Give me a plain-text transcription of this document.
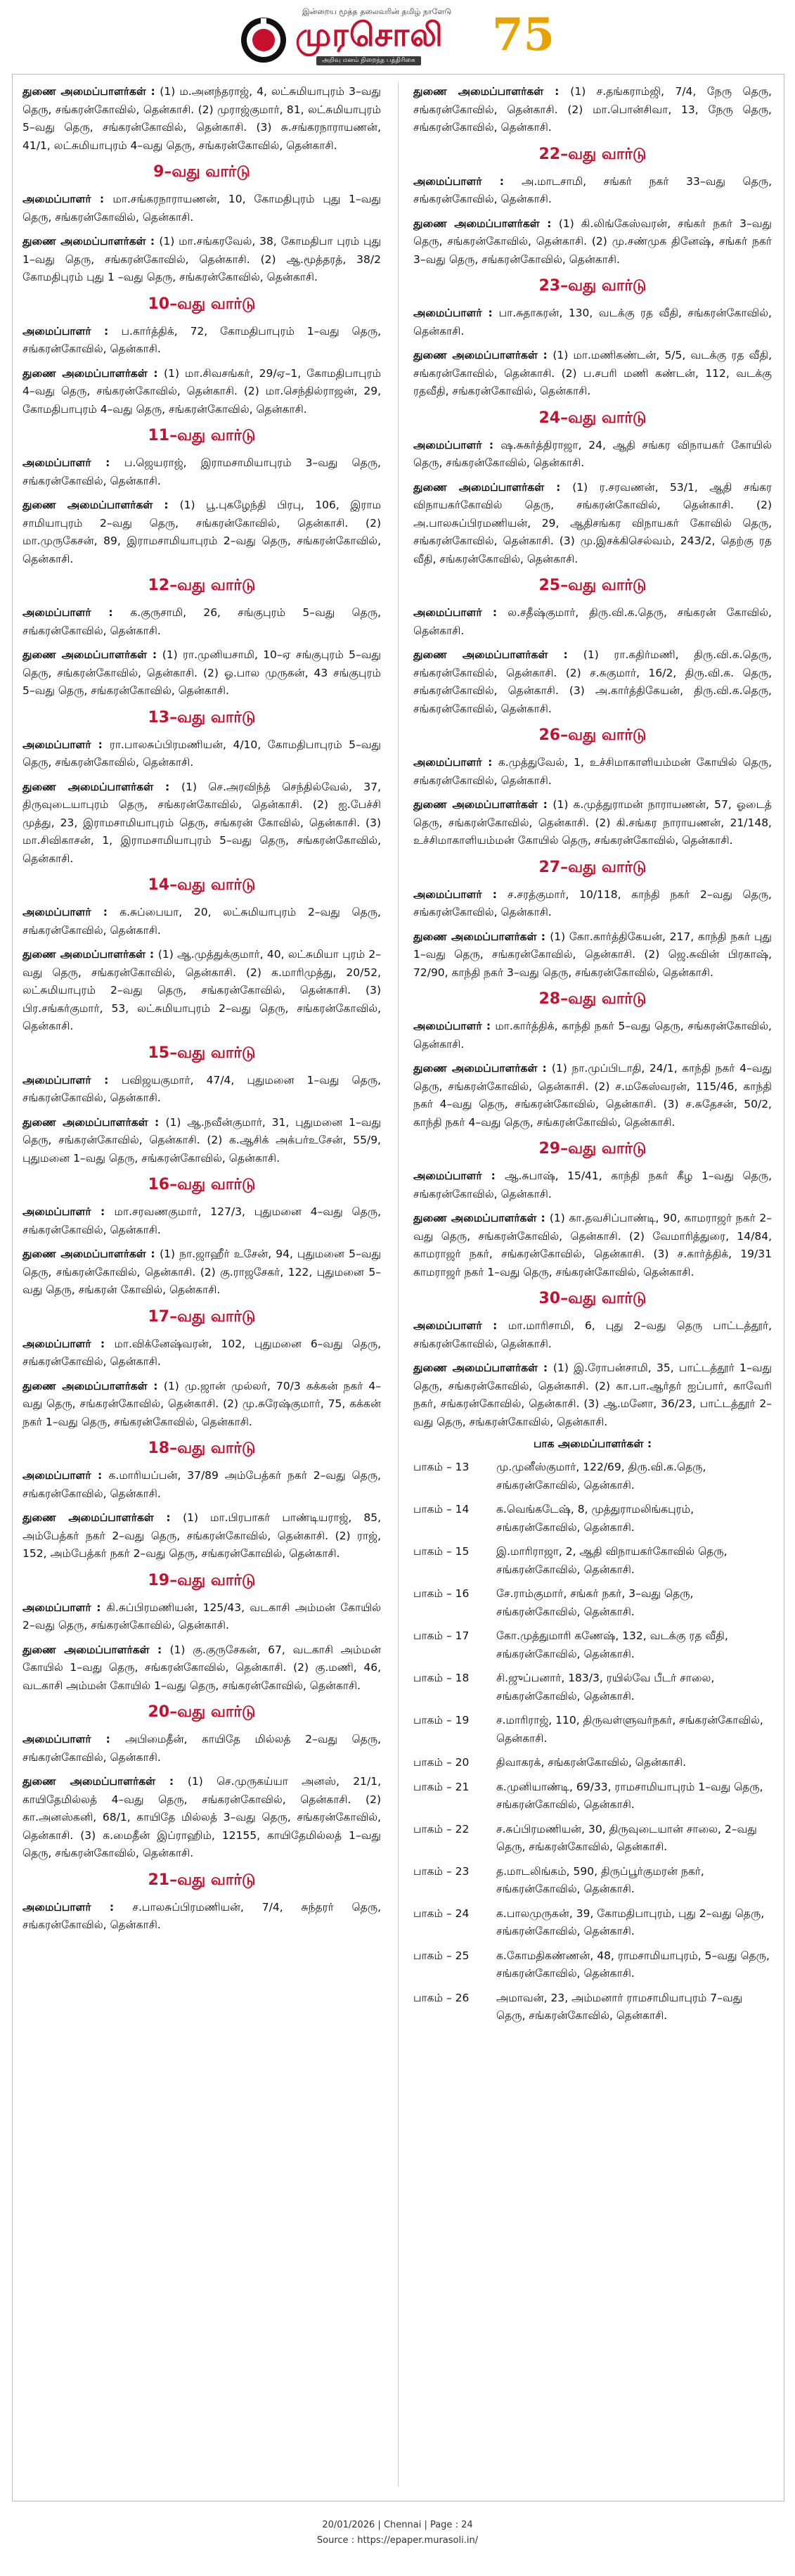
இன்றைய மூத்த தலைவரின் தமிழ் நாளேடு
முரசொலி
அறிவு மனம் நிறைந்த பத்திரிகை 75

துணை அமைப்பாளர்கள் : (1) ம.அனந்தராஜ், 4, லட்சுமியாபுரம் 3–வது தெரு, சங்கரன்கோவில், தென்காசி. (2) முராஜ்குமார், 81, லட்சுமியாபுரம் 5–வது தெரு, சங்கரன்கோவில், தென்காசி. (3) சு.சங்கரநாராயணன், 41/1, லட்சுமியாபுரம் 4–வது தெரு, சங்கரன்கோவில், தென்காசி.

9–வது வார்டு

அமைப்பாளர் : மா.சங்கரநாராயணன், 10, கோமதிபுரம் புது 1–வது தெரு, சங்கரன்கோவில், தென்காசி.

துணை அமைப்பாளர்கள் : (1) மா.சங்கரவேல், 38, கோமதிபா புரம் புது 1–வது தெரு, சங்கரன்கோவில், தென்காசி. (2) ஆ.மூத்தரத், 38/2 கோமதிபுரம் புது 1 –வது தெரு, சங்கரன்கோவில், தென்காசி.

10–வது வார்டு

அமைப்பாளர் : ப.கார்த்திக், 72, கோமதிபாபுரம் 1–வது தெரு, சங்கரன்கோவில், தென்காசி.

துணை அமைப்பாளர்கள் : (1) மா.சிவசங்கர், 29/ஏ–1, கோமதிபாபுரம் 4–வது தெரு, சங்கரன்கோவில், தென்காசி. (2) மா.செந்தில்ராஜன், 29, கோமதிபாபுரம் 4–வது தெரு, சங்கரன்கோவில், தென்காசி.

11–வது வார்டு

அமைப்பாளர் : ப.ஜெயராஜ், இராமசாமியாபுரம் 3–வது தெரு, சங்கரன்கோவில், தென்காசி.

துணை அமைப்பாளர்கள் : (1) பூ.புகழேந்தி பிரபு, 106, இராம சாமியாபுரம் 2–வது தெரு, சங்கரன்கோவில், தென்காசி. (2) மா.முருகேசன், 89, இராமசாமியாபுரம் 2–வது தெரு, சங்கரன்கோவில், தென்காசி.

12–வது வார்டு

அமைப்பாளர் : க.குருசாமி, 26, சங்குபுரம் 5–வது தெரு, சங்கரன்கோவில், தென்காசி.

துணை அமைப்பாளர்கள் : (1) ரா.முனியசாமி, 10–ஏ சங்குபுரம் 5–வது தெரு, சங்கரன்கோவில், தென்காசி. (2) ஓ.பால முருகன், 43 சங்குபுரம் 5–வது தெரு, சங்கரன்கோவில், தென்காசி.

13–வது வார்டு

அமைப்பாளர் : ரா.பாலசுப்பிரமணியன், 4/10, கோமதிபாபுரம் 5–வது தெரு, சங்கரன்கோவில், தென்காசி.

துணை அமைப்பாளர்கள் : (1) செ.அரவிந்த் செந்தில்வேல், 37, திருவுடையாபுரம் தெரு, சங்கரன்கோவில், தென்காசி. (2) ஐ.பேச்சி முத்து, 23, இராமசாமியாபுரம் தெரு, சங்கரன் கோவில், தென்காசி. (3) மா.சிவிகாசன், 1, இராமசாமியாபுரம் 5–வது தெரு, சங்கரன்கோவில், தென்காசி.

14–வது வார்டு

அமைப்பாளர் : க.சுப்பையா, 20, லட்சுமியாபுரம் 2–வது தெரு, சங்கரன்கோவில், தென்காசி.

துணை அமைப்பாளர்கள் : (1) ஆ.முத்துக்குமார், 40, லட்சுமியா புரம் 2–வது தெரு, சங்கரன்கோவில், தென்காசி. (2) க.மாரிமுத்து, 20/52, லட்சுமியாபுரம் 2–வது தெரு, சங்கரன்கோவில், தென்காசி. (3) பிர.சங்கர்குமார், 53, லட்சுமியாபுரம் 2–வது தெரு, சங்கரன்கோவில், தென்காசி.

15–வது வார்டு

அமைப்பாளர் : பவிஜயகுமார், 47/4, புதுமனை 1–வது தெரு, சங்கரன்கோவில், தென்காசி.

துணை அமைப்பாளர்கள் : (1) ஆ.நவீன்குமார், 31, புதுமனை 1–வது தெரு, சங்கரன்கோவில், தென்காசி. (2) க.ஆசிக் அக்பர்உசேன், 55/9, புதுமனை 1–வது தெரு, சங்கரன்கோவில், தென்காசி.

16–வது வார்டு

அமைப்பாளர் : மா.சரவணகுமார், 127/3, புதுமனை 4–வது தெரு, சங்கரன்கோவில், தென்காசி.

துணை அமைப்பாளர்கள் : (1) நா.ஜாஹீர் உசேன், 94, புதுமனை 5–வது தெரு, சங்கரன்கோவில், தென்காசி. (2) கு.ராஜசேகர், 122, புதுமனை 5–வது தெரு, சங்கரன் கோவில், தென்காசி.

17–வது வார்டு

அமைப்பாளர் : மா.விக்னேஷ்வரன், 102, புதுமனை 6–வது தெரு, சங்கரன்கோவில், தென்காசி.

துணை அமைப்பாளர்கள் : (1) மு.ஜான் முல்லர், 70/3 கக்கன் நகர் 4–வது தெரு, சங்கரன்கோவில், தென்காசி. (2) மு.சுரேஷ்குமார், 75, கக்கன் நகர் 1–வது தெரு, சங்கரன்கோவில், தென்காசி.

18–வது வார்டு

அமைப்பாளர் : க.மாரியப்பன், 37/89 அம்பேத்கர் நகர் 2–வது தெரு, சங்கரன்கோவில், தென்காசி.

துணை அமைப்பாளர்கள் : (1) மா.பிரபாகர் பாண்டியராஜ், 85, அம்பேத்கர் நகர் 2–வது தெரு, சங்கரன்கோவில், தென்காசி. (2) ராஜ், 152, அம்பேத்கர் நகர் 2–வது தெரு, சங்கரன்கோவில், தென்காசி.

19–வது வார்டு

அமைப்பாளர் : கி.சுப்பிரமணியன், 125/43, வடகாசி அம்மன் கோயில் 2–வது தெரு, சங்கரன்கோவில், தென்காசி.

துணை அமைப்பாளர்கள் : (1) கு.குருசேகன், 67, வடகாசி அம்மன் கோயில் 1–வது தெரு, சங்கரன்கோவில், தென்காசி. (2) கு.மணி, 46, வடகாசி அம்மன் கோயில் 1–வது தெரு, சங்கரன்கோவில், தென்காசி.

20–வது வார்டு

அமைப்பாளர் : அபிமைதீன், காயிதே மில்லத் 2–வது தெரு, சங்கரன்கோவில், தென்காசி.

துணை அமைப்பாளர்கள் : (1) செ.முருகய்யா அனஸ், 21/1, காயிதேமில்லத் 4–வது தெரு, சங்கரன்கோவில், தென்காசி. (2) கா.அனஸ்கனி, 68/1, காயிதே மில்லத் 3–வது தெரு, சங்கரன்கோவில், தென்காசி. (3) க.மைதீன் இப்ராஹிம், 12155, காயிதேமில்லத் 1–வது தெரு, சங்கரன்கோவில், தென்காசி.

21–வது வார்டு

அமைப்பாளர் : ச.பாலசுப்பிரமணியன், 7/4, சுந்தரர் தெரு, சங்கரன்கோவில், தென்காசி.

துணை அமைப்பாளர்கள் : (1) ச.தங்கராம்ஜி, 7/4, நேரு தெரு, சங்கரன்கோவில், தென்காசி. (2) மா.பொன்சிவா, 13, நேரு தெரு, சங்கரன்கோவில், தென்காசி.

22–வது வார்டு

அமைப்பாளர் : அ.மாடசாமி, சங்கர் நகர் 33–வது தெரு, சங்கரன்கோவில், தென்காசி.

துணை அமைப்பாளர்கள் : (1) கி.லிங்கேஸ்வரன், சங்கர் நகர் 3–வது தெரு, சங்கரன்கோவில், தென்காசி. (2) மு.சண்முக தினேஷ், சங்கர் நகர் 3–வது தெரு, சங்கரன்கோவில், தென்காசி.

23–வது வார்டு

அமைப்பாளர் : பா.சுதாகரன், 130, வடக்கு ரத வீதி, சங்கரன்கோவில், தென்காசி.

துணை அமைப்பாளர்கள் : (1) மா.மணிகண்டன், 5/5, வடக்கு ரத வீதி, சங்கரன்கோவில், தென்காசி. (2) ப.சபரி மணி கண்டன், 112, வடக்கு ரதவீதி, சங்கரன்கோவில், தென்காசி.

24–வது வார்டு

அமைப்பாளர் : ஷ.சுகர்த்திராஜா, 24, ஆதி சங்கர விநாயகர் கோயில் தெரு, சங்கரன்கோவில், தென்காசி.

துணை அமைப்பாளர்கள் : (1) ர.சரவணன், 53/1, ஆதி சங்கர விநாயகர்கோவில் தெரு, சங்கரன்கோவில், தென்காசி. (2) அ.பாலசுப்பிரமணியன், 29, ஆதிசங்கர விநாயகர் கோவில் தெரு, சங்கரன்கோவில், தென்காசி. (3) மு.இசக்கிசெல்வம், 243/2, தெற்கு ரத வீதி, சங்கரன்கோவில், தென்காசி.

25–வது வார்டு

அமைப்பாளர் : ல.சதீஷ்குமார், திரு.வி.க.தெரு, சங்கரன் கோவில், தென்காசி.

துணை அமைப்பாளர்கள் : (1) ரா.கதிர்மணி, திரு.வி.க.தெரு, சங்கரன்கோவில், தென்காசி. (2) ச.சுகுமார், 16/2, திரு.வி.க. தெரு, சங்கரன்கோவில், தென்காசி. (3) அ.கார்த்திகேயன், திரு.வி.க.தெரு, சங்கரன்கோவில், தென்காசி.

26–வது வார்டு

அமைப்பாளர் : க.முத்துவேல், 1, உச்சிமாகாளியம்மன் கோயில் தெரு, சங்கரன்கோவில், தென்காசி.

துணை அமைப்பாளர்கள் : (1) க.முத்துராமன் நாராயணன், 57, ஓடைத் தெரு, சங்கரன்கோவில், தென்காசி. (2) கி.சங்கர நாராயணன், 21/148, உச்சிமாகாளியம்மன் கோயில் தெரு, சங்கரன்கோவில், தென்காசி.

27–வது வார்டு

அமைப்பாளர் : ச.சரத்குமார், 10/118, காந்தி நகர் 2–வது தெரு, சங்கரன்கோவில், தென்காசி.

துணை அமைப்பாளர்கள் : (1) கோ.கார்த்திகேயன், 217, காந்தி நகர் புது 1–வது தெரு, சங்கரன்கோவில், தென்காசி. (2) ஜெ.சுவின் பிரகாஷ், 72/90, காந்தி நகர் 3–வது தெரு, சங்கரன்கோவில், தென்காசி.

28–வது வார்டு

அமைப்பாளர் : மா.கார்த்திக், காந்தி நகர் 5–வது தெரு, சங்கரன்கோவில், தென்காசி.

துணை அமைப்பாளர்கள் : (1) நா.முப்பிடாதி, 24/1, காந்தி நகர் 4–வது தெரு, சங்கரன்கோவில், தென்காசி. (2) ச.மகேஸ்வரன், 115/46, காந்தி நகர் 4–வது தெரு, சங்கரன்கோவில், தென்காசி. (3) ச.சுதேசன், 50/2, காந்தி நகர் 4–வது தெரு, சங்கரன்கோவில், தென்காசி.

29–வது வார்டு

அமைப்பாளர் : ஆ.சுபாஷ், 15/41, காந்தி நகர் கீழ 1–வது தெரு, சங்கரன்கோவில், தென்காசி.

துணை அமைப்பாளர்கள் : (1) கா.தவசிப்பாண்டி, 90, காமராஜர் நகர் 2–வது தெரு, சங்கரன்கோவில், தென்காசி. (2) வேமாரித்துரை, 14/84, காமராஜர் நகர், சங்கரன்கோவில், தென்காசி. (3) ச.கார்த்திக், 19/31 காமராஜர் நகர் 1–வது தெரு, சங்கரன்கோவில், தென்காசி.

30–வது வார்டு

அமைப்பாளர் : மா.மாரிசாமி, 6, புது 2–வது தெரு பாட்டத்தூர், சங்கரன்கோவில், தென்காசி.

துணை அமைப்பாளர்கள் : (1) இ.ரோபன்சாமி, 35, பாட்டத்தூர் 1–வது தெரு, சங்கரன்கோவில், தென்காசி. (2) கா.பா.ஆர்தர் ஐப்பார், காவேரி நகர், சங்கரன்கோவில், தென்காசி. (3) ஆ.மனோ, 36/23, பாட்டத்தூர் 2–வது தெரு, சங்கரன்கோவில், தென்காசி.

பாக அமைப்பாளர்கள் :
பாகம் – 13	மு.முனீஸ்குமார், 122/69, திரு.வி.க.தெரு, சங்கரன்கோவில், தென்காசி.
பாகம் – 14	க.வெங்கடேஷ், 8, முத்துராமலிங்கபுரம், சங்கரன்கோவில், தென்காசி.
பாகம் – 15	இ.மாரிராஜா, 2, ஆதி விநாயகர்கோவில் தெரு, சங்கரன்கோவில், தென்காசி.
பாகம் – 16	சே.ராம்குமார், சங்கர் நகர், 3–வது தெரு, சங்கரன்கோவில், தென்காசி.
பாகம் – 17	கோ.முத்துமாரி கணேஷ், 132, வடக்கு ரத வீதி, சங்கரன்கோவில், தென்காசி.
பாகம் – 18	சி.ஜுப்பனார், 183/3, ரயில்வே பீடர் சாலை, சங்கரன்கோவில், தென்காசி.
பாகம் – 19	ச.மாரிராஜ், 110, திருவள்ளுவர்நகர், சங்கரன்கோவில், தென்காசி.
பாகம் – 20	திவாகரக், சங்கரன்கோவில், தென்காசி.
பாகம் – 21	க.முனியாண்டி, 69/33, ராமசாமியாபுரம் 1–வது தெரு, சங்கரன்கோவில், தென்காசி.
பாகம் – 22	ச.சுப்பிரமணியன், 30, திருவுடையான் சாலை, 2–வது தெரு, சங்கரன்கோவில், தென்காசி.
பாகம் – 23	த.மாடலிங்கம், 590, திருப்பூர்குமரன் நகர், சங்கரன்கோவில், தென்காசி.
பாகம் – 24	க.பாலமுருகன், 39, கோமதிபாபுரம், புது 2–வது தெரு, சங்கரன்கோவில், தென்காசி.
பாகம் – 25	க.கோமதிகண்ணன், 48, ராமசாமியாபுரம், 5–வது தெரு, சங்கரன்கோவில், தென்காசி.
பாகம் – 26	அமாவன், 23, அம்மனார் ராமசாமியாபுரம் 7–வது தெரு, சங்கரன்கோவில், தென்காசி.
20/01/2026 | Chennai | Page : 24
Source : https://epaper.murasoli.in/
